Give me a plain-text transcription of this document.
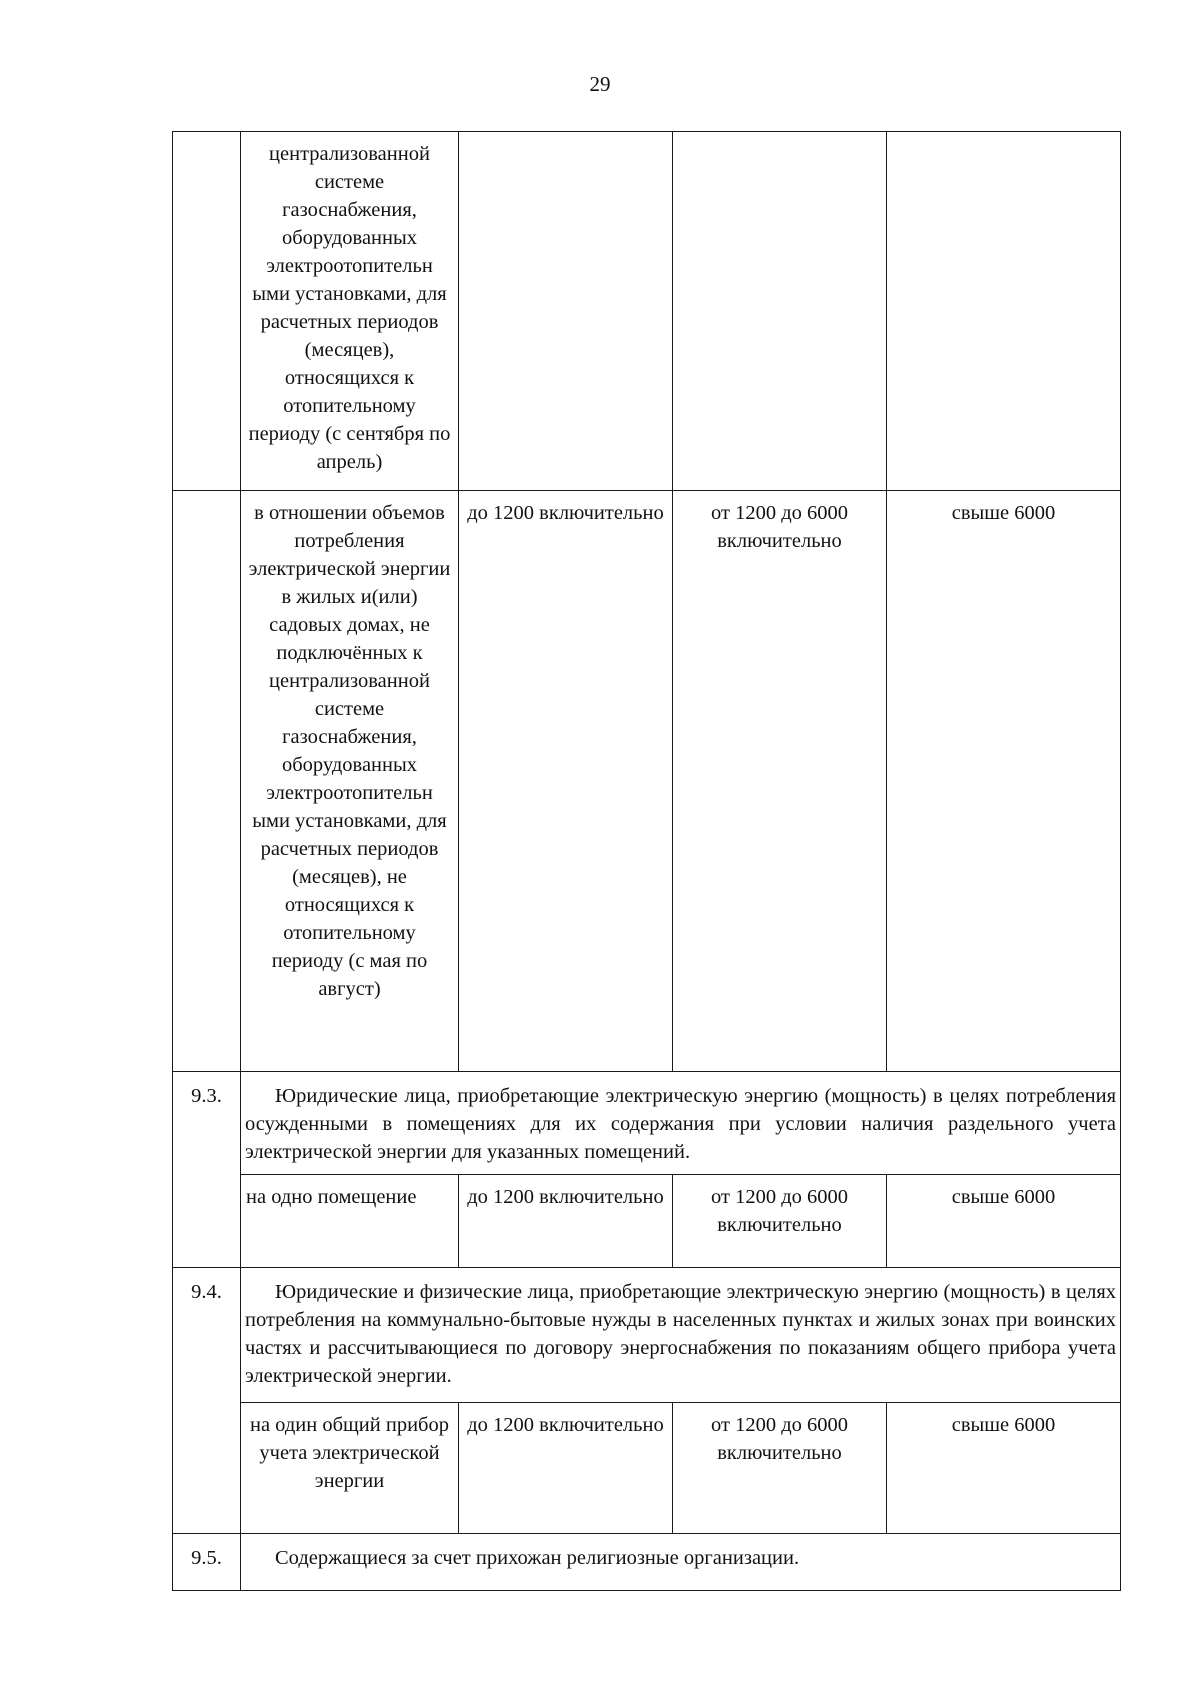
29
	централизованной системе газоснабжения, оборудованных электроотопительн ыми установками, для расчетных периодов (месяцев), относящихся к отопительному периоду (с сентября по апрель)			
	в отношении объемов потребления электрической энергии в жилых и(или) садовых домах, не подключённых к централизованной системе газоснабжения, оборудованных электроотопительн ыми установками, для расчетных периодов (месяцев), не относящихся к отопительному периоду (с мая по август)	до 1200 включительно	от 1200 до 6000 включительно	свыше 6000
9.3.	Юридические лица, приобретающие электрическую энергию (мощность) в целях потребления осужденными в помещениях для их содержания при условии наличия раздельного учета электрической энергии для указанных помещений.			

	на одно помещение	до 1200 включительно	от 1200 до 6000 включительно	свыше 6000
9.4.	Юридические и физические лица, приобретающие электрическую энергию (мощность) в целях потребления на коммунально-бытовые нужды в населенных пунктах и жилых зонах при воинских частях и рассчитывающиеся по договору энергоснабжения по показаниям общего прибора учета электрической энергии.			

	на один общий прибор учета электрической энергии	до 1200 включительно	от 1200 до 6000 включительно	свыше 6000
9.5.	Содержащиеся за счет прихожан религиозные организации.			
